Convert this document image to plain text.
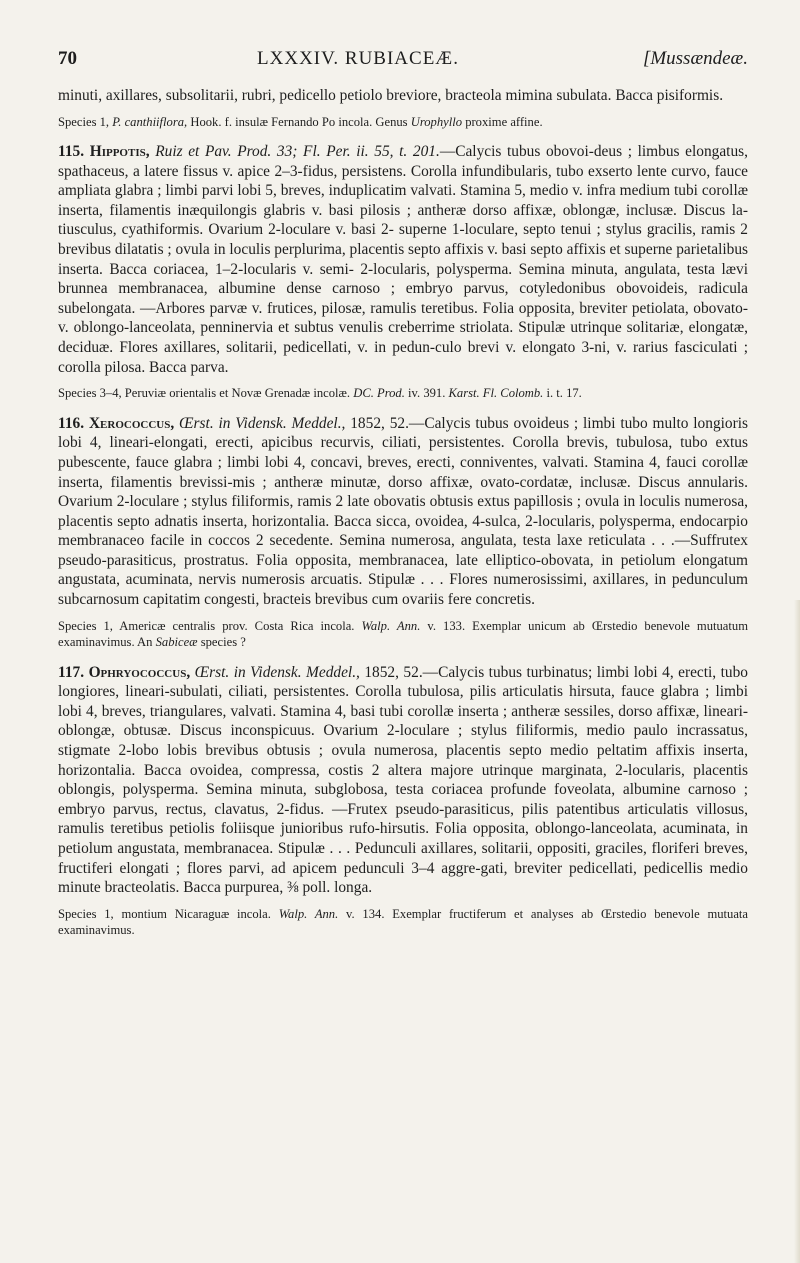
70	LXXXIV. RUBIACEÆ.	[Mussændeæ.

minuti, axillares, subsolitarii, rubri, pedicello petiolo breviore, bracteola mimina subulata. Bacca pisiformis.

Species 1, P. canthiiflora, Hook. f. insulæ Fernando Po incola. Genus Urophyllo proxime affine.

115. Hippotis, Ruiz et Pav. Prod. 33; Fl. Per. ii. 55, t. 201.—Calycis tubus obovoi-deus ; limbus elongatus, spathaceus, a latere fissus v. apice 2–3-fidus, persistens. Corolla infundibularis, tubo exserto lente curvo, fauce ampliata glabra ; limbi parvi lobi 5, breves, induplicatim valvati. Stamina 5, medio v. infra medium tubi corollæ inserta, filamentis inæquilongis glabris v. basi pilosis ; antheræ dorso affixæ, oblongæ, inclusæ. Discus la-tiusculus, cyathiformis. Ovarium 2-loculare v. basi 2- superne 1-loculare, septo tenui ; stylus gracilis, ramis 2 brevibus dilatatis ; ovula in loculis perplurima, placentis septo affixis v. basi septo affixis et superne parietalibus inserta. Bacca coriacea, 1–2-locularis v. semi- 2-locularis, polysperma. Semina minuta, angulata, testa lævi brunnea membranacea, albumine dense carnoso ; embryo parvus, cotyledonibus obovoideis, radicula subelongata. —Arbores parvæ v. frutices, pilosæ, ramulis teretibus. Folia opposita, breviter petiolata, obovato- v. oblongo-lanceolata, penninervia et subtus venulis creberrime striolata. Stipulæ utrinque solitariæ, elongatæ, deciduæ. Flores axillares, solitarii, pedicellati, v. in pedun-culo brevi v. elongato 3-ni, v. rarius fasciculati ; corolla pilosa. Bacca parva.

Species 3–4, Peruviæ orientalis et Novæ Grenadæ incolæ. DC. Prod. iv. 391. Karst. Fl. Colomb. i. t. 17.

116. Xerococcus, Œrst. in Vidensk. Meddel., 1852, 52.—Calycis tubus ovoideus ; limbi tubo multo longioris lobi 4, lineari-elongati, erecti, apicibus recurvis, ciliati, persistentes. Corolla brevis, tubulosa, tubo extus pubescente, fauce glabra ; limbi lobi 4, concavi, breves, erecti, conniventes, valvati. Stamina 4, fauci corollæ inserta, filamentis brevissi-mis ; antheræ minutæ, dorso affixæ, ovato-cordatæ, inclusæ. Discus annularis. Ovarium 2-loculare ; stylus filiformis, ramis 2 late obovatis obtusis extus papillosis ; ovula in loculis numerosa, placentis septo adnatis inserta, horizontalia. Bacca sicca, ovoidea, 4-sulca, 2-locularis, polysperma, endocarpio membranaceo facile in coccos 2 secedente. Semina numerosa, angulata, testa laxe reticulata . . .—Suffrutex pseudo-parasiticus, prostratus. Folia opposita, membranacea, late elliptico-obovata, in petiolum elongatum angustata, acuminata, nervis numerosis arcuatis. Stipulæ . . . Flores numerosissimi, axillares, in pedunculum subcarnosum capitatim congesti, bracteis brevibus cum ovariis fere concretis.

Species 1, Americæ centralis prov. Costa Rica incola. Walp. Ann. v. 133. Exemplar unicum ab Œrstedio benevole mutuatum examinavimus. An Sabiceæ species ?

117. Ophryococcus, Œrst. in Vidensk. Meddel., 1852, 52.—Calycis tubus turbinatus; limbi lobi 4, erecti, tubo longiores, lineari-subulati, ciliati, persistentes. Corolla tubulosa, pilis articulatis hirsuta, fauce glabra ; limbi lobi 4, breves, triangulares, valvati. Stamina 4, basi tubi corollæ inserta ; antheræ sessiles, dorso affixæ, lineari-oblongæ, obtusæ. Discus inconspicuus. Ovarium 2-loculare ; stylus filiformis, medio paulo incrassatus, stigmate 2-lobo lobis brevibus obtusis ; ovula numerosa, placentis septo medio peltatim affixis inserta, horizontalia. Bacca ovoidea, compressa, costis 2 altera majore utrinque marginata, 2-locularis, placentis oblongis, polysperma. Semina minuta, subglobosa, testa coriacea profunde foveolata, albumine carnoso ; embryo parvus, rectus, clavatus, 2-fidus. —Frutex pseudo-parasiticus, pilis patentibus articulatis villosus, ramulis teretibus petiolis foliisque junioribus rufo-hirsutis. Folia opposita, oblongo-lanceolata, acuminata, in petiolum angustata, membranacea. Stipulæ . . . Pedunculi axillares, solitarii, oppositi, graciles, floriferi breves, fructiferi elongati ; flores parvi, ad apicem pedunculi 3–4 aggre-gati, breviter pedicellati, pedicellis medio minute bracteolatis. Bacca purpurea, ⅜ poll. longa.

Species 1, montium Nicaraguæ incola. Walp. Ann. v. 134. Exemplar fructiferum et analyses ab Œrstedio benevole mutuata examinavimus.
